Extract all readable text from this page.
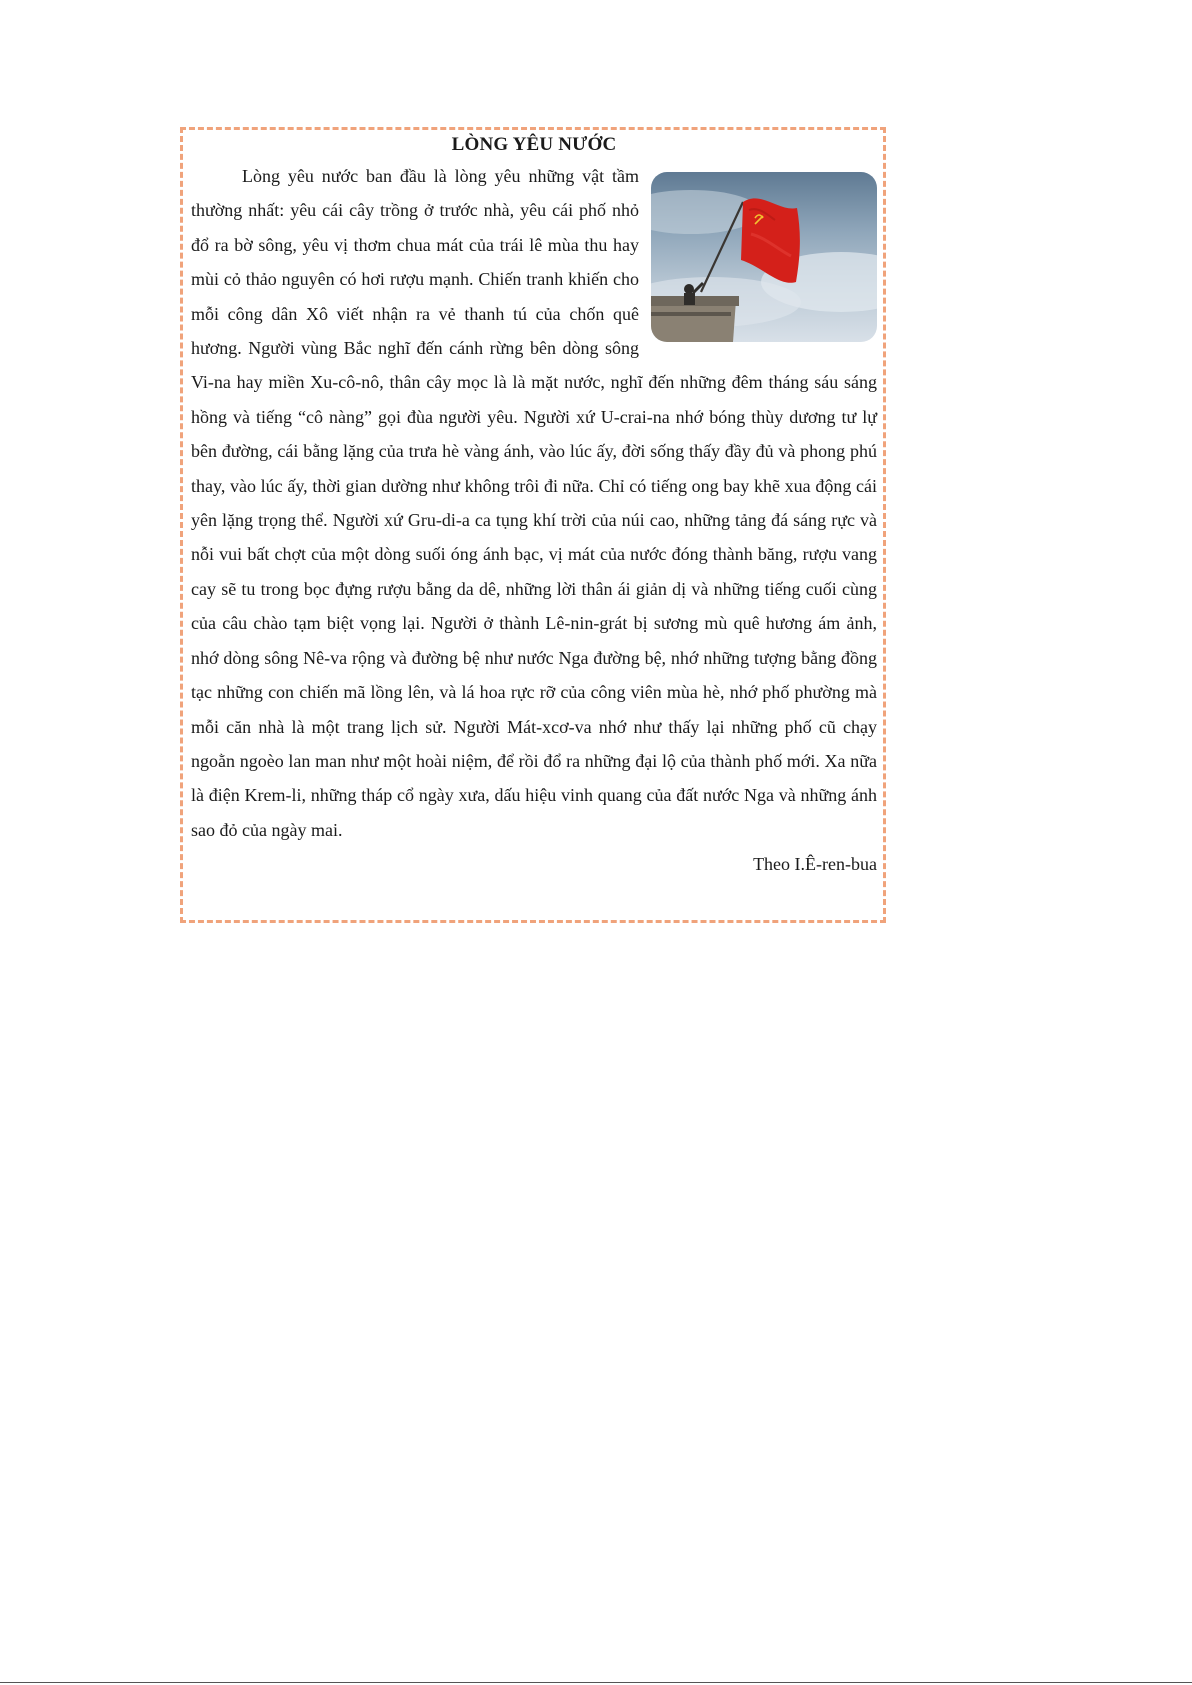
LÒNG YÊU NƯỚC

Lòng yêu nước ban đầu là lòng yêu những vật tầm thường nhất: yêu cái cây trồng ở trước nhà, yêu cái phố nhỏ đổ ra bờ sông, yêu vị thơm chua mát của trái lê mùa thu hay mùi cỏ thảo nguyên có hơi rượu mạnh. Chiến tranh khiến cho mỗi công dân Xô viết nhận ra vẻ thanh tú của chốn quê hương. Người vùng Bắc nghĩ đến cánh rừng bên dòng sông Vi-na hay miền Xu-cô-nô, thân cây mọc là là mặt nước, nghĩ đến những đêm tháng sáu sáng hồng và tiếng “cô nàng” gọi đùa người yêu. Người xứ U-crai-na nhớ bóng thùy dương tư lự bên đường, cái bằng lặng của trưa hè vàng ánh, vào lúc ấy, đời sống thấy đầy đủ và phong phú thay, vào lúc ấy, thời gian dường như không trôi đi nữa. Chỉ có tiếng ong bay khẽ xua động cái yên lặng trọng thể. Người xứ Gru-di-a ca tụng khí trời của núi cao, những tảng đá sáng rực và nỗi vui bất chợt của một dòng suối óng ánh bạc, vị mát của nước đóng thành băng, rượu vang cay sẽ tu trong bọc đựng rượu bằng da dê, những lời thân ái giản dị và những tiếng cuối cùng của câu chào tạm biệt vọng lại. Người ở thành Lê-nin-grát bị sương mù quê hương ám ảnh, nhớ dòng sông Nê-va rộng và đường bệ như nước Nga đường bệ, nhớ những tượng bằng đồng tạc những con chiến mã lồng lên, và lá hoa rực rỡ của công viên mùa hè, nhớ phố phường mà mỗi căn nhà là một trang lịch sử. Người Mát-xcơ-va nhớ như thấy lại những phố cũ chạy ngoằn ngoèo lan man như một hoài niệm, để rồi đổ ra những đại lộ của thành phố mới. Xa nữa là điện Krem-li, những tháp cổ ngày xưa, dấu hiệu vinh quang của đất nước Nga và những ánh sao đỏ của ngày mai.

Theo I.Ê-ren-bua
